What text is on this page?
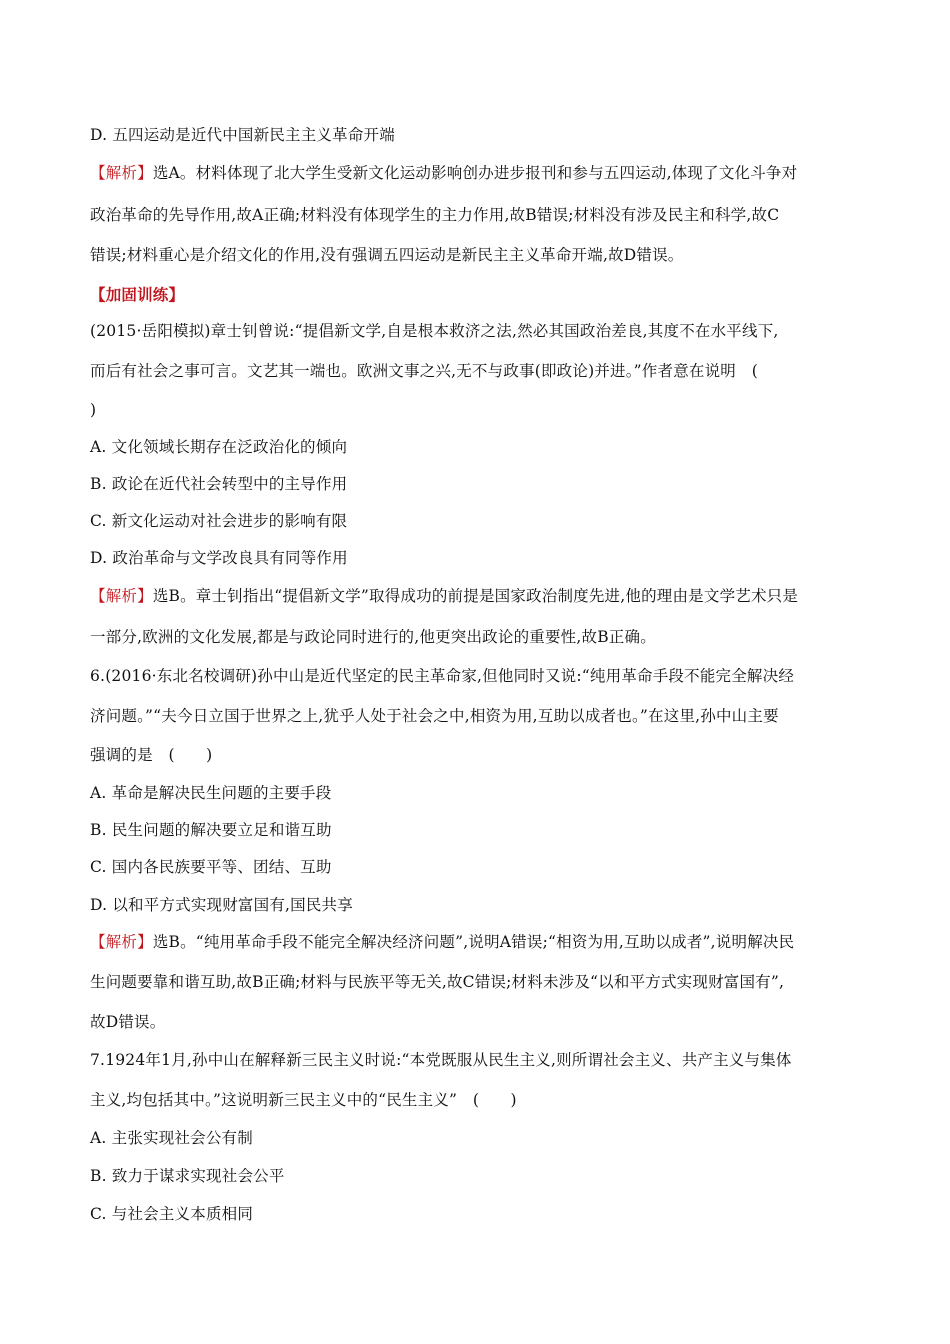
D. 五四运动是近代中国新民主主义革命开端
【解析】选A。材料体现了北大学生受新文化运动影响创办进步报刊和参与五四运动,体现了文化斗争对
政治革命的先导作用,故A正确;材料没有体现学生的主力作用,故B错误;材料没有涉及民主和科学,故C
错误;材料重心是介绍文化的作用,没有强调五四运动是新民主主义革命开端,故D错误。
【加固训练】
(2015·岳阳模拟)章士钊曾说:“提倡新文学,自是根本救济之法,然必其国政治差良,其度不在水平线下,
而后有社会之事可言。文艺其一端也。欧洲文事之兴,无不与政事(即政论)并进。”作者意在说明　(
)
A. 文化领域长期存在泛政治化的倾向
B. 政论在近代社会转型中的主导作用
C. 新文化运动对社会进步的影响有限
D. 政治革命与文学改良具有同等作用
【解析】选B。章士钊指出“提倡新文学”取得成功的前提是国家政治制度先进,他的理由是文学艺术只是
一部分,欧洲的文化发展,都是与政论同时进行的,他更突出政论的重要性,故B正确。
6.(2016·东北名校调研)孙中山是近代坚定的民主革命家,但他同时又说:“纯用革命手段不能完全解决经
济问题。”“夫今日立国于世界之上,犹乎人处于社会之中,相资为用,互助以成者也。”在这里,孙中山主要
强调的是　(　　)
A. 革命是解决民生问题的主要手段
B. 民生问题的解决要立足和谐互助
C. 国内各民族要平等、团结、互助
D. 以和平方式实现财富国有,国民共享
【解析】选B。“纯用革命手段不能完全解决经济问题”,说明A错误;“相资为用,互助以成者”,说明解决民
生问题要靠和谐互助,故B正确;材料与民族平等无关,故C错误;材料未涉及“以和平方式实现财富国有”,
故D错误。
7.1924年1月,孙中山在解释新三民主义时说:“本党既服从民生主义,则所谓社会主义、共产主义与集体
主义,均包括其中。”这说明新三民主义中的“民生主义”　(　　)
A. 主张实现社会公有制
B. 致力于谋求实现社会公平
C. 与社会主义本质相同
